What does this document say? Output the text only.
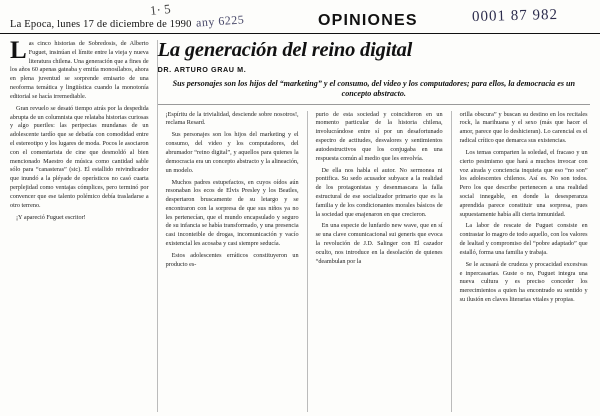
La Epoca, lunes 17 de diciembre de 1990	OPINIONES
1· 5
any 6225	0001 87 982

Las cinco historias de Sobredosis, de Alberto Fuguet, insinúan el límite entre la vieja y nueva literatura chilena. Una generación que a fines de los años 60 apenas gateaba y emitía monosílabos, ahora en plena juventud se sorprende emisario de una neoforma temática y lingüística cuando la monotonía editorial se hacía irremediable.

Gran revuelo se desató tiempo atrás por la despedida abrupta de un columnista que relataba historias curiosas y algo pueriles: las peripecias mundanas de un adolescente tardío que se debatía con comodidad entre el estereotipo y los lugares de moda. Pocos le asociaron con el comentarista de cine que desmoldó al bien mencionado Maestro de música como cantidad sable sólo para “canasteras” (sic). El estallido reivindicador que inundó a la pléyade de operísticos no casó cuarta perplejidad como ventajas cómplices, pero terminó por convencer que ese talento polémico debía trasladarse a otro terreno.

¡Y apareció Fuguet escritor!

La generación del reino digital
DR. ARTURO GRAU M.
Sus personajes son los hijos del “marketing” y el consumo, del video y los computadores; para ellos, la democracia es un concepto abstracto.

¡Espíritu de la trivialidad, desciende sobre nosotros!, reclama Resard.

Sus personajes son los hijos del marketing y el consumo, del video y los computadores, del abrumador “reino digital”, y aquellos para quienes la democracia era un concepto abstracto y la alineación, un modelo.

Muchos padres estupefactos, en cuyos oídos aún resonaban los ecos de Elvis Presley y los Beatles, despertaron bruscamente de su letargo y se encontraron con la sorpresa de que sus niños ya no les pertenecían, que el mundo encapsulado y seguro de su infancia se había transformado, y una presencia casi inconteible de drogas, incomunicación y vacío existencial les acosaba y casi siempre seducía.

Estos adolescentes erráticos constituyeron un producto es-

purio de esta sociedad y coincidieron en un momento particular de la historia chilena, involucrándose entre sí por un desafortunado espectro de actitudes, desvalores y sentimientos autodestructivos que los conjugaba en una respuesta común al medio que les envolvía.

De ella nos habla el autor. No sermonea ni pontifica. Su sedo acusador subyace a la realidad de los protagonistas y desenmascara la falla estructural de ese socializador primario que es la familia y de los condicionantes morales básicos de la sociedad que enajenaron en que crecieron.

En una especie de lunfardo new wave, que en sí se una clave comunicacional sui generis que evoca la revolución de J.D. Salinger con El cazador oculto, nos introduce en la desolación de quienes “deambulan por la

orilla obscura” y buscan su destino en los recitales rock, la marihuana y el sexo (más que hacer el amor, parece que lo deshicieran). Lo carencial es el radical crítico que demarca sus existencias.

Los temas comparten la soledad, el fracaso y un cierto pesimismo que hará a muchos invocar con voz airada y conciencia inquieta que eso “no son” los adolescentes chilenos. Así es. No son todos. Pero los que describe pertenecen a una realidad social innegable, en donde la desesperanza aprendida parece constituir una sorpresa, pues supuestamente había alli cierta inmunidad.

La labor de rescate de Fuguet consiste en contrastar lo magro de todo aquello, con los valores de lealtad y compromiso del “pobre adaptado” que estalló, forma una familia y trabaja.

Se le acusará de crudeza y procacidad excesivas e inpercasarias. Guste o no, Fuguet integra una nueva cultura y es preciso conceder los merecimientos a quien ha encontrado su sentido y su ilusión en claves literarias vitales y propias.
